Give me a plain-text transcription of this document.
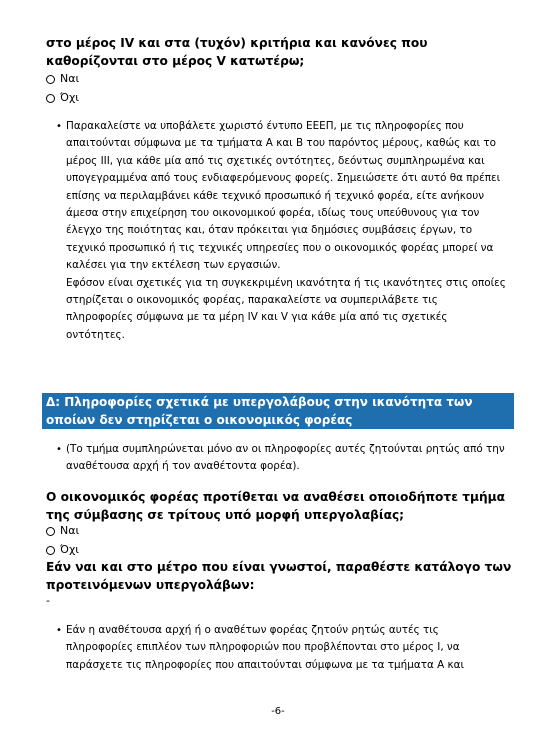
στο μέρος IV και στα (τυχόν) κριτήρια και κανόνες που καθορίζονται στο μέρος V κατωτέρω;
Ναι
Όχι
• Παρακαλείστε να υποβάλετε χωριστό έντυπο ΕΕΕΠ, με τις πληροφορίες που απαιτούνται σύμφωνα με τα τμήματα Α και Β του παρόντος μέρους, καθώς και το μέρος ΙΙΙ, για κάθε μία από τις σχετικές οντότητες, δεόντως συμπληρωμένα και υπογεγραμμένα από τους ενδιαφερόμενους φορείς. Σημειώσετε ότι αυτό θα πρέπει επίσης να περιλαμβάνει κάθε τεχνικό προσωπικό ή τεχνικό φορέα, είτε ανήκουν άμεσα στην επιχείρηση του οικονομικού φορέα, ιδίως τους υπεύθυνους για τον έλεγχο της ποιότητας και, όταν πρόκειται για δημόσιες συμβάσεις έργων, το τεχνικό προσωπικό ή τις τεχνικές υπηρεσίες που ο οικονομικός φορέας μπορεί να καλέσει για την εκτέλεση των εργασιών.

Εφόσον είναι σχετικές για τη συγκεκριμένη ικανότητα ή τις ικανότητες στις οποίες στηρίζεται ο οικονομικός φορέας, παρακαλείστε να συμπεριλάβετε τις πληροφορίες σύμφωνα με τα μέρη IV και V για κάθε μία από τις σχετικές οντότητες.

Δ: Πληροφορίες σχετικά με υπεργολάβους στην ικανότητα των οποίων δεν στηρίζεται ο οικονομικός φορέας
• (Το τμήμα συμπληρώνεται μόνο αν οι πληροφορίες αυτές ζητούνται ρητώς από την αναθέτουσα αρχή ή τον αναθέτοντα φορέα).
Ο οικονομικός φορέας προτίθεται να αναθέσει οποιοδήποτε τμήμα της σύμβασης σε τρίτους υπό μορφή υπεργολαβίας;
Ναι
Όχι
Εάν ναι και στο μέτρο που είναι γνωστοί, παραθέστε κατάλογο των προτεινόμενων υπεργολάβων:
-
• Εάν η αναθέτουσα αρχή ή ο αναθέτων φορέας ζητούν ρητώς αυτές τις πληροφορίες επιπλέον των πληροφοριών που προβλέπονται στο μέρος Ι, να παράσχετε τις πληροφορίες που απαιτούνται σύμφωνα με τα τμήματα Α και
-6-
